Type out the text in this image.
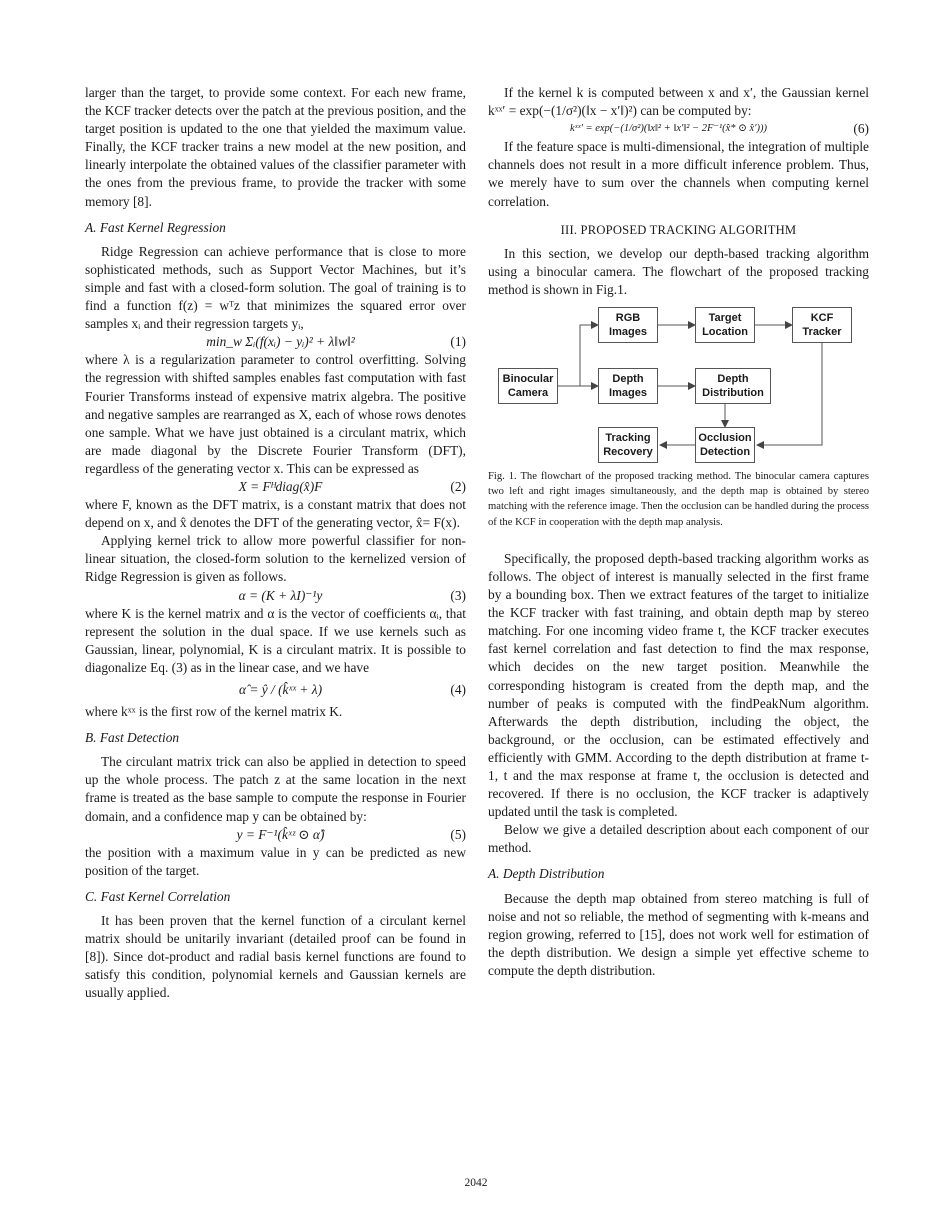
larger than the target, to provide some context. For each new frame, the KCF tracker detects over the patch at the previous position, and the target position is updated to the one that yielded the maximum value. Finally, the KCF tracker trains a new model at the new position, and linearly interpolate the obtained values of the classifier parameter with the ones from the previous frame, to provide the tracker with some memory [8].

A. Fast Kernel Regression

Ridge Regression can achieve performance that is close to more sophisticated methods, such as Support Vector Machines, but it’s simple and fast with a closed-form solution. The goal of training is to find a function f(z) = wᵀz that minimizes the squared error over samples xᵢ and their regression targets yᵢ,

min_w Σᵢ(f(xᵢ) − yᵢ)² + λ‖w‖²	(1)

where λ is a regularization parameter to control overfitting. Solving the regression with shifted samples enables fast computation with fast Fourier Transforms instead of expensive matrix algebra. The positive and negative samples are rearranged as X, each of whose rows denotes one sample. What we have just obtained is a circulant matrix, which are made diagonal by the Discrete Fourier Transform (DFT), regardless of the generating vector x. This can be expressed as

X = Fᴴdiag(x̂)F	(2)

where F, known as the DFT matrix, is a constant matrix that does not depend on x, and x̂ denotes the DFT of the generating vector, x̂= F(x).

Applying kernel trick to allow more powerful classifier for non-linear situation, the closed-form solution to the kernelized version of Ridge Regression is given as follows.

α = (K + λI)⁻¹y	(3)

where K is the kernel matrix and α is the vector of coefficients αᵢ, that represent the solution in the dual space. If we use kernels such as Gaussian, linear, polynomial, K is a circulant matrix. It is possible to diagonalize Eq. (3) as in the linear case, and we have

α̂ = ŷ / (k̂ˣˣ + λ)	(4)

where kˣˣ is the first row of the kernel matrix K.

B. Fast Detection

The circulant matrix trick can also be applied in detection to speed up the whole process. The patch z at the same location in the next frame is treated as the base sample to compute the response in Fourier domain, and a confidence map y can be obtained by:

y = F⁻¹(k̂ˣᶻ ⊙ α̂)	(5)

the position with a maximum value in y can be predicted as new position of the target.

C. Fast Kernel Correlation

It has been proven that the kernel function of a circulant kernel matrix should be unitarily invariant (detailed proof can be found in [8]). Since dot-product and radial basis kernel functions are found to satisfy this condition, polynomial kernels and Gaussian kernels are usually applied.

If the kernel k is computed between x and x′, the Gaussian kernel kˣˣ′ = exp(−(1/σ²)(‖x − x′‖)²) can be computed by:

kˣˣ′ = exp(−(1/σ²)(‖x‖² + ‖x′‖² − 2F⁻¹(x̂* ⊙ x̂′)))	(6)

If the feature space is multi-dimensional, the integration of multiple channels does not result in a more difficult inference problem. Thus, we merely have to sum over the channels when computing kernel correlation.

III. PROPOSED TRACKING ALGORITHM

In this section, we develop our depth-based tracking algorithm using a binocular camera. The flowchart of the proposed tracking method is shown in Fig.1.

Binocular Camera
RGB Images
Depth Images
Target Location
Depth Distribution
KCF Tracker
Tracking Recovery
Occlusion Detection

Fig. 1. The flowchart of the proposed tracking method. The binocular camera captures two left and right images simultaneously, and the depth map is obtained by stereo matching with the reference image. Then the occlusion can be handled during the process of the KCF in cooperation with the depth map analysis.

Specifically, the proposed depth-based tracking algorithm works as follows. The object of interest is manually selected in the first frame by a bounding box. Then we extract features of the target to initialize the KCF tracker with fast training, and obtain depth map by stereo matching. For one incoming video frame t, the KCF tracker executes fast kernel correlation and fast detection to find the max response, which decides on the new target position. Meanwhile the corresponding histogram is created from the depth map, and the number of peaks is computed with the findPeakNum algorithm. Afterwards the depth distribution, including the object, the background, or the occlusion, can be estimated effectively and efficiently with GMM. According to the depth distribution at frame t-1, t and the max response at frame t, the occlusion is detected and recovered. If there is no occlusion, the KCF tracker is adaptively updated until the task is completed.

Below we give a detailed description about each component of our method.

A. Depth Distribution

Because the depth map obtained from stereo matching is full of noise and not so reliable, the method of segmenting with k-means and region growing, referred to [15], does not work well for estimation of the depth distribution. We design a simple yet effective scheme to compute the depth distribution.

2042
